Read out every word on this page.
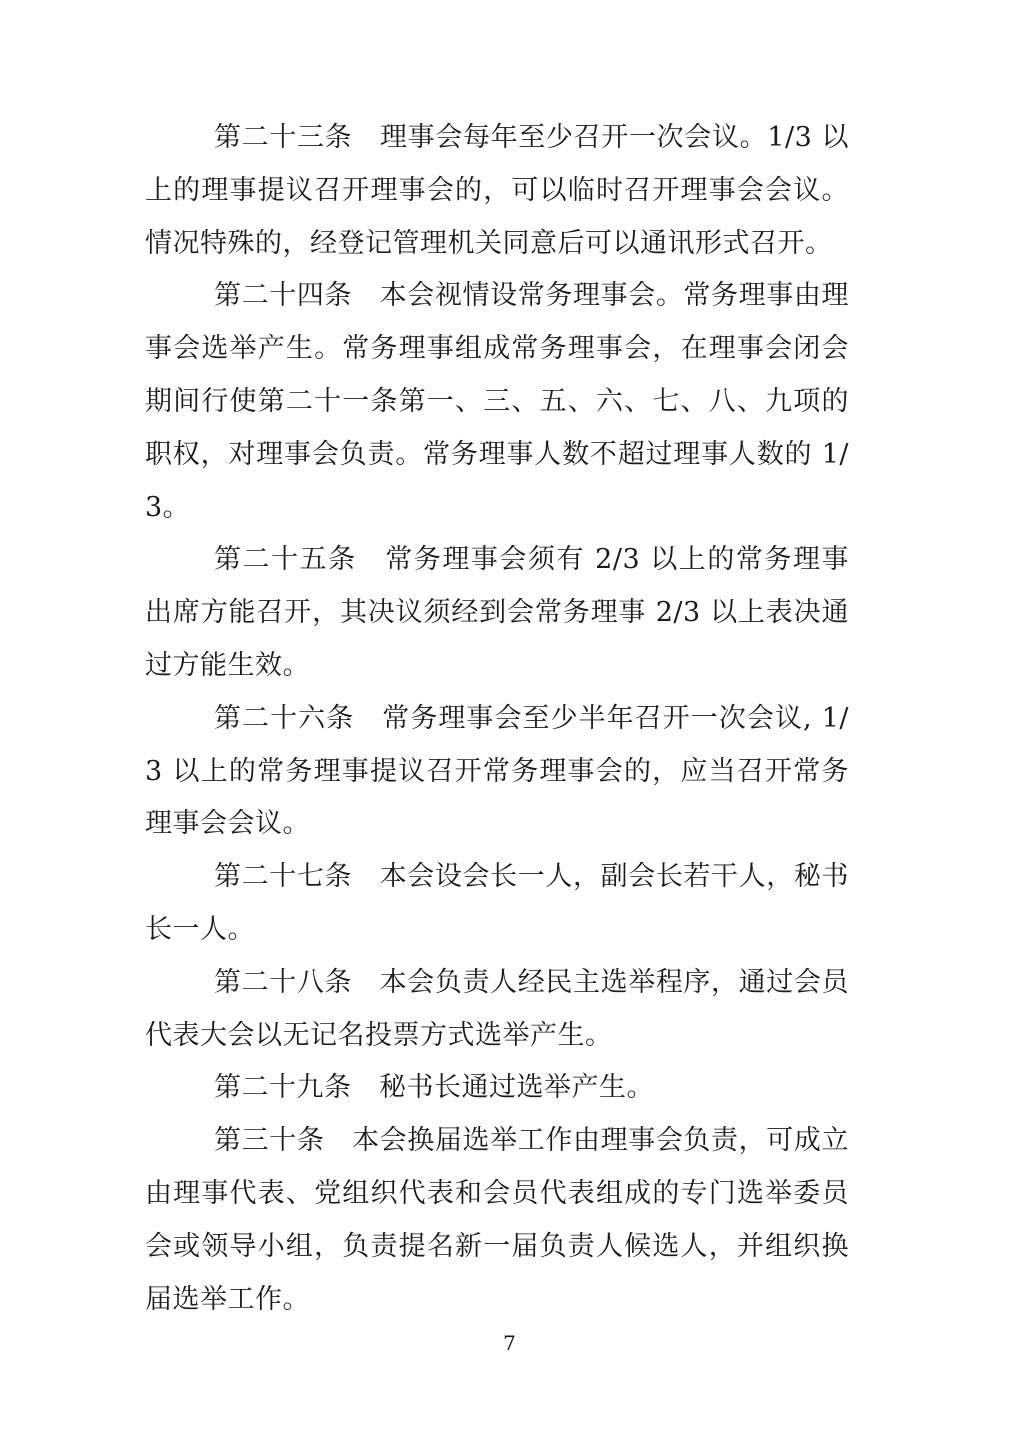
第二十三条　理事会每年至少召开一次会议。1/3 以上的理事提议召开理事会的，可以临时召开理事会会议。情况特殊的，经登记管理机关同意后可以通讯形式召开。

第二十四条　本会视情设常务理事会。常务理事由理事会选举产生。常务理事组成常务理事会，在理事会闭会期间行使第二十一条第一、三、五、六、七、八、九项的职权，对理事会负责。常务理事人数不超过理事人数的 1/3。

第二十五条　常务理事会须有 2/3 以上的常务理事出席方能召开，其决议须经到会常务理事 2/3 以上表决通过方能生效。

第二十六条　常务理事会至少半年召开一次会议, 1/3 以上的常务理事提议召开常务理事会的，应当召开常务理事会会议。

第二十七条　本会设会长一人，副会长若干人，秘书长一人。

第二十八条　本会负责人经民主选举程序，通过会员代表大会以无记名投票方式选举产生。

第二十九条　秘书长通过选举产生。

第三十条　本会换届选举工作由理事会负责，可成立由理事代表、党组织代表和会员代表组成的专门选举委员会或领导小组，负责提名新一届负责人候选人，并组织换届选举工作。

7
